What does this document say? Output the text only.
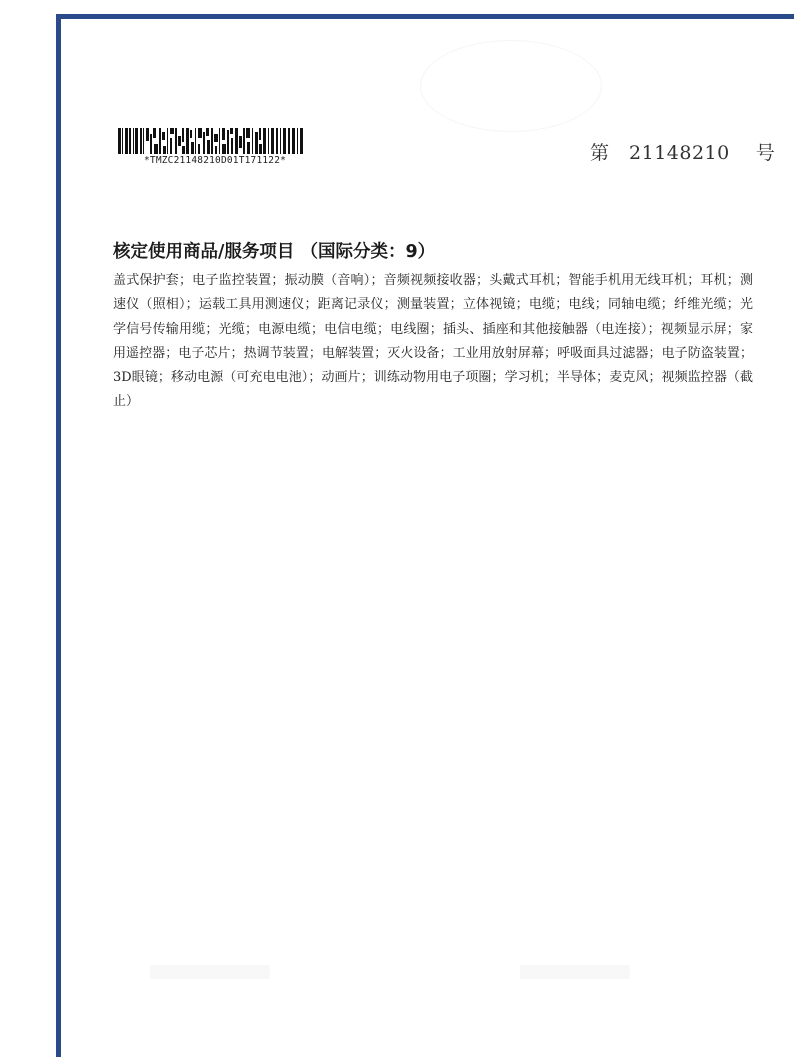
*TMZC21148210D01T171122*	第 21148210 号
核定使用商品/服务项目 （国际分类：9）
盖式保护套；电子监控装置；振动膜（音响）；音频视频接收器；头戴式耳机；智能手机用无线耳机；耳机；测速仪（照相）；运载工具用测速仪；距离记录仪；测量装置；立体视镜；电缆；电线；同轴电缆；纤维光缆；光学信号传输用缆；光缆；电源电缆；电信电缆；电线圈；插头、插座和其他接触器（电连接）；视频显示屏；家用遥控器；电子芯片；热调节装置；电解装置；灭火设备；工业用放射屏幕；呼吸面具过滤器；电子防盗装置；3D眼镜；移动电源（可充电电池）；动画片；训练动物用电子项圈；学习机；半导体；麦克风；视频监控器（截止）
